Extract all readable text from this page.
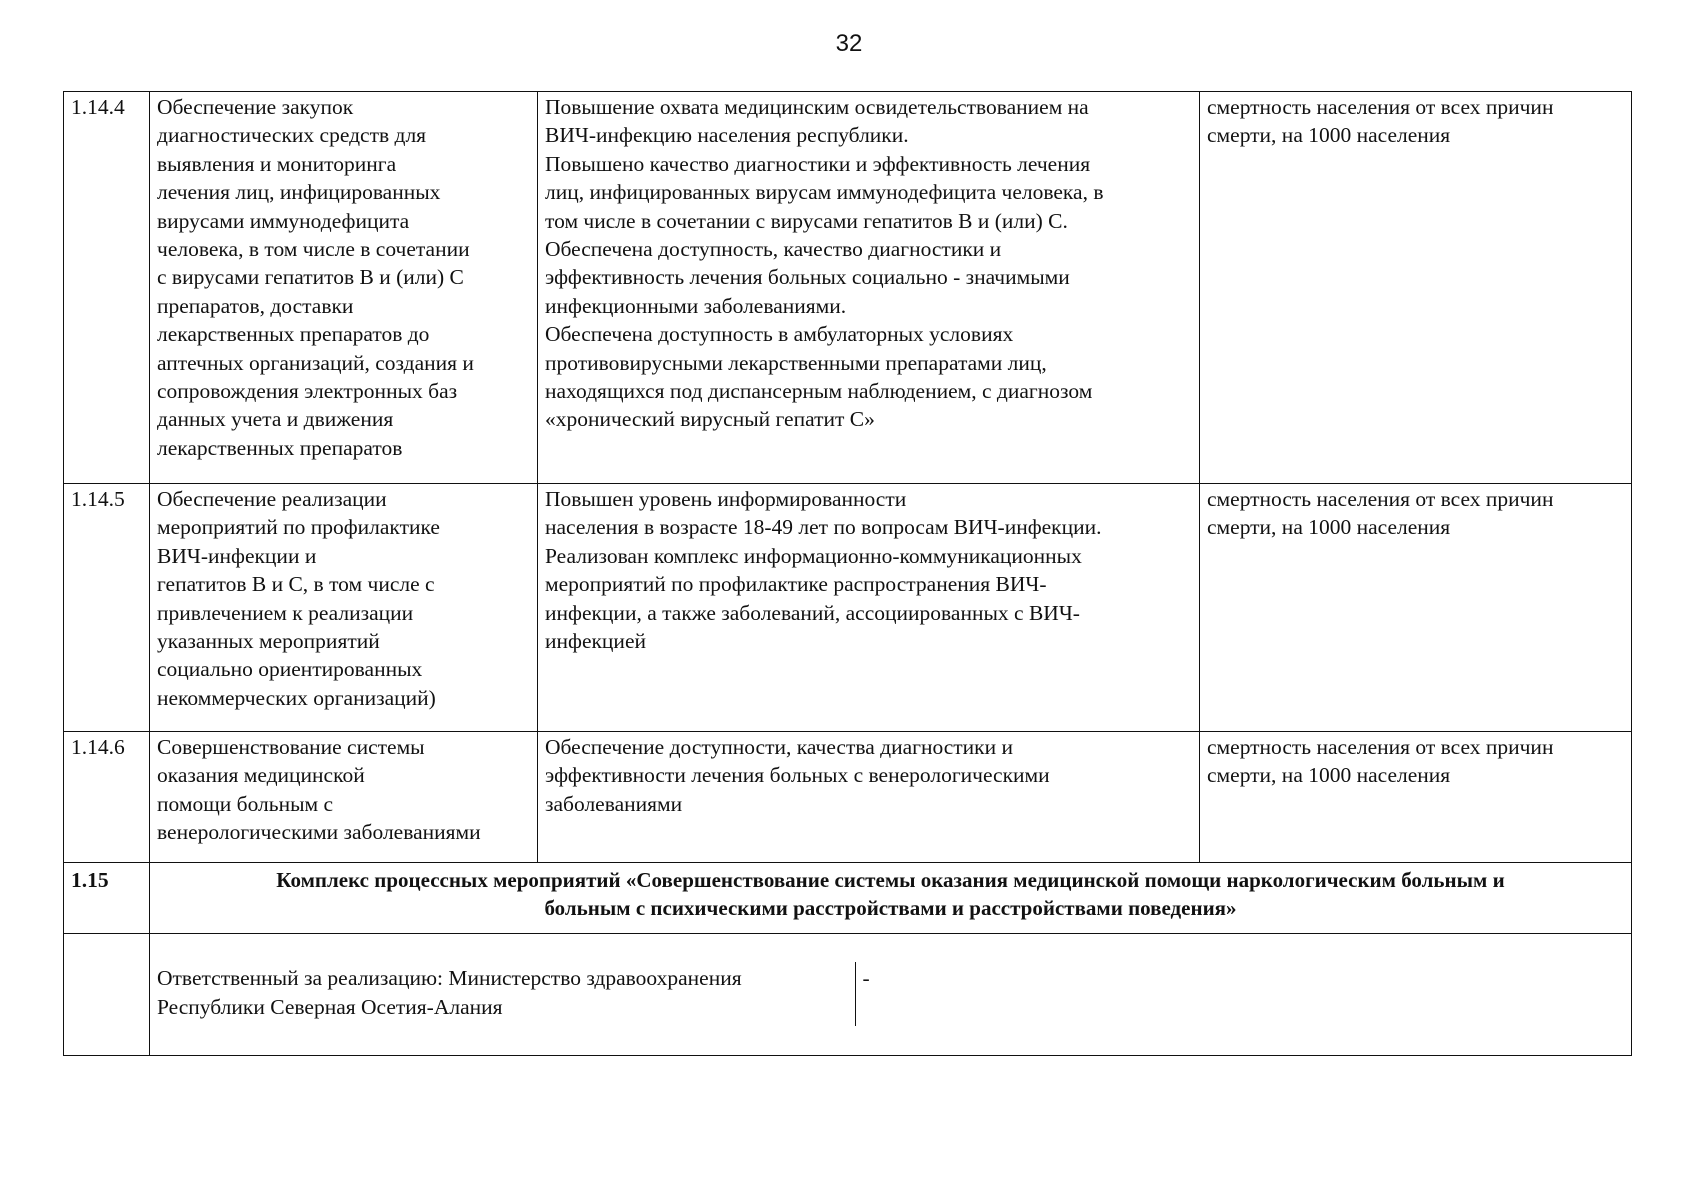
32
1.14.4	Обеспечение закупок
диагностических средств для
выявления и мониторинга
лечения лиц, инфицированных
вирусами иммунодефицита
человека, в том числе в сочетании
с вирусами гепатитов В и (или) С
препаратов, доставки
лекарственных препаратов до
аптечных организаций, создания и
сопровождения электронных баз
данных учета и движения
лекарственных препаратов	Повышение охвата медицинским освидетельствованием на
ВИЧ-инфекцию населения республики.
Повышено качество диагностики и эффективность лечения
лиц, инфицированных вирусам иммунодефицита человека, в
том числе в сочетании с вирусами гепатитов В и (или) С.
Обеспечена доступность, качество диагностики и
эффективность лечения больных социально - значимыми
инфекционными заболеваниями.
Обеспечена доступность в амбулаторных условиях
противовирусными лекарственными препаратами лиц,
находящихся под диспансерным наблюдением, с диагнозом
«хронический вирусный гепатит С»	смертность населения от всех причин
смерти, на 1000 населения
1.14.5	Обеспечение реализации
мероприятий по профилактике
ВИЧ-инфекции и
гепатитов В и С, в том числе с
привлечением к реализации
указанных мероприятий
социально ориентированных
некоммерческих организаций)	Повышен уровень информированности
населения в возрасте 18-49 лет по вопросам ВИЧ-инфекции.
Реализован комплекс информационно-коммуникационных
мероприятий по профилактике распространения ВИЧ-
инфекции, а также заболеваний, ассоциированных с ВИЧ-
инфекцией	смертность населения от всех причин
смерти, на 1000 населения
1.14.6	Совершенствование системы
оказания медицинской
помощи больным с
венерологическими заболеваниями	Обеспечение доступности, качества диагностики и
эффективности лечения больных с венерологическими
заболеваниями	смертность населения от всех причин
смерти, на 1000 населения
1.15	Комплекс процессных мероприятий «Совершенствование системы оказания медицинской помощи наркологическим больным и
больным с психическими расстройствами и расстройствами поведения»

Ответственный за реализацию: Министерство здравоохранения
Республики Северная Осетия-Алания	-
